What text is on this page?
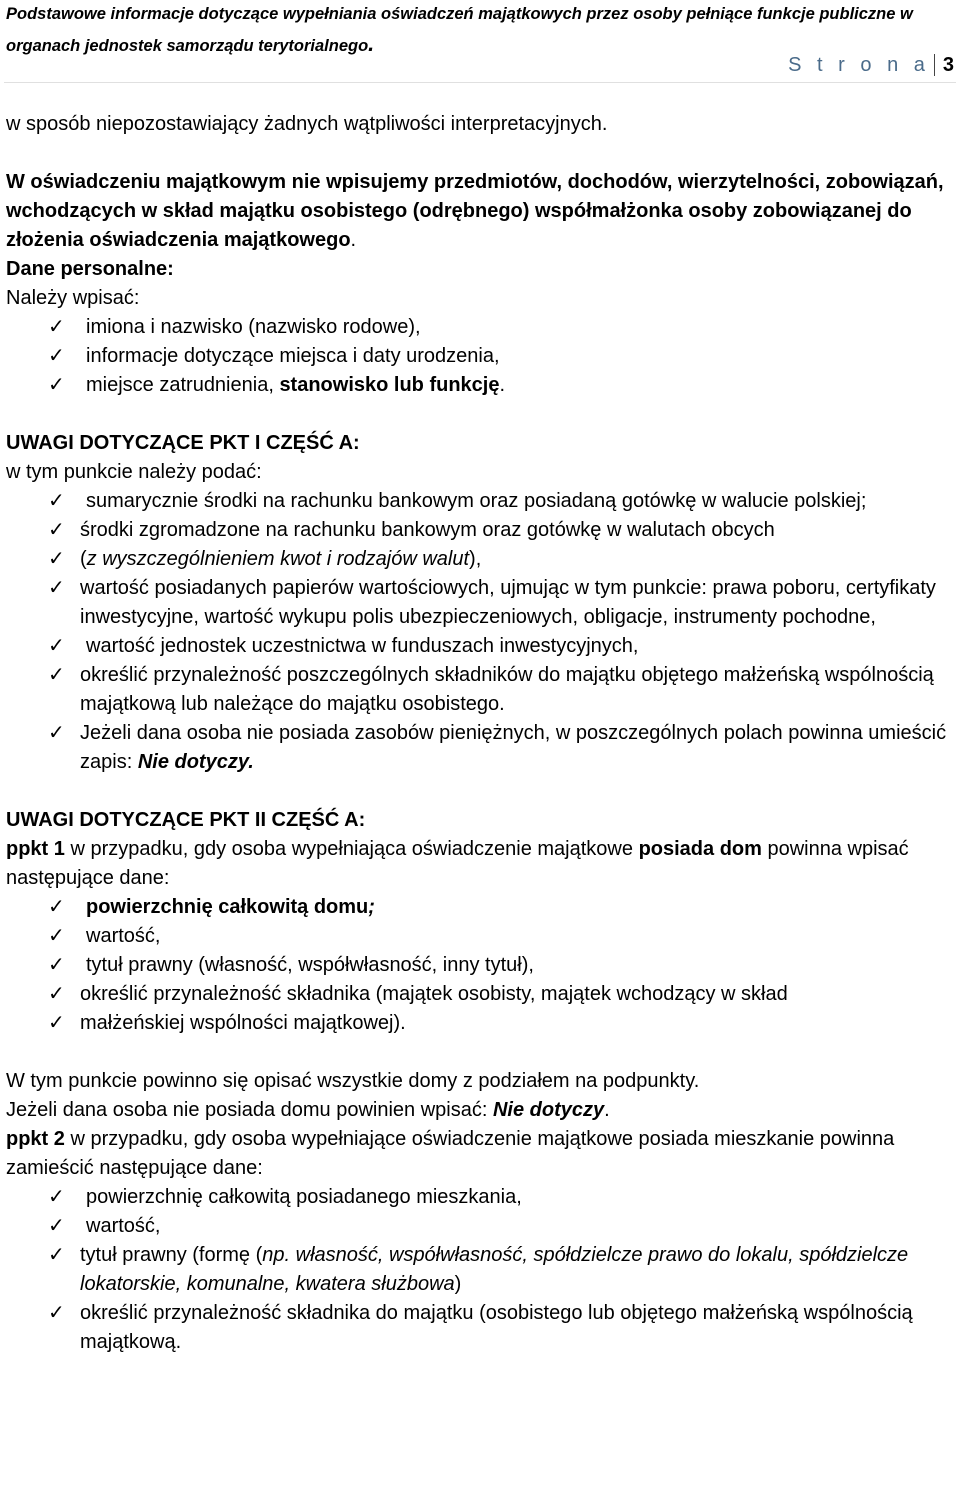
Podstawowe informacje dotyczące wypełniania oświadczeń majątkowych przez osoby pełniące funkcje publiczne w
organach jednostek samorządu terytorialnego.
S t r o n a 3

w sposób niepozostawiający żadnych wątpliwości interpretacyjnych.

W oświadczeniu majątkowym nie wpisujemy przedmiotów, dochodów, wierzytelności, zobowiązań, wchodzących w skład majątku osobistego (odrębnego) współmałżonka osoby zobowiązanej do złożenia oświadczenia majątkowego.

Dane personalne:

Należy wpisać:

✓ imiona i nazwisko (nazwisko rodowe),
✓ informacje dotyczące miejsca i daty urodzenia,
✓ miejsce zatrudnienia, stanowisko lub funkcję.

UWAGI DOTYCZĄCE PKT I CZĘŚĆ A:

w tym punkcie należy podać:

✓ sumarycznie środki na rachunku bankowym oraz posiadaną gotówkę w walucie polskiej;
✓ środki zgromadzone na rachunku bankowym oraz gotówkę w walutach obcych
✓ (z wyszczególnieniem kwot i rodzajów walut),
✓ wartość posiadanych papierów wartościowych, ujmując w tym punkcie: prawa poboru, certyfikaty inwestycyjne, wartość wykupu polis ubezpieczeniowych, obligacje, instrumenty pochodne,
✓ wartość jednostek uczestnictwa w funduszach inwestycyjnych,
✓ określić przynależność poszczególnych składników do majątku objętego małżeńską wspólnością majątkową lub należące do majątku osobistego.
✓ Jeżeli dana osoba nie posiada zasobów pieniężnych, w poszczególnych polach powinna umieścić zapis: Nie dotyczy.

UWAGI DOTYCZĄCE PKT II CZĘŚĆ A:

ppkt 1 w przypadku, gdy osoba wypełniająca oświadczenie majątkowe posiada dom powinna wpisać następujące dane:

✓ powierzchnię całkowitą domu;
✓ wartość,
✓ tytuł prawny (własność, współwłasność, inny tytuł),
✓ określić przynależność składnika (majątek osobisty, majątek wchodzący w skład
✓ małżeńskiej wspólności majątkowej).

W tym punkcie powinno się opisać wszystkie domy z podziałem na podpunkty.

Jeżeli dana osoba nie posiada domu powinien wpisać: Nie dotyczy.

ppkt 2 w przypadku, gdy osoba wypełniające oświadczenie majątkowe posiada mieszkanie powinna zamieścić następujące dane:

✓ powierzchnię całkowitą posiadanego mieszkania,
✓ wartość,
✓ tytuł prawny (formę (np. własność, współwłasność, spółdzielcze prawo do lokalu, spółdzielcze lokatorskie, komunalne, kwatera służbowa)
✓ określić przynależność składnika do majątku (osobistego lub objętego małżeńską wspólnością majątkową.
